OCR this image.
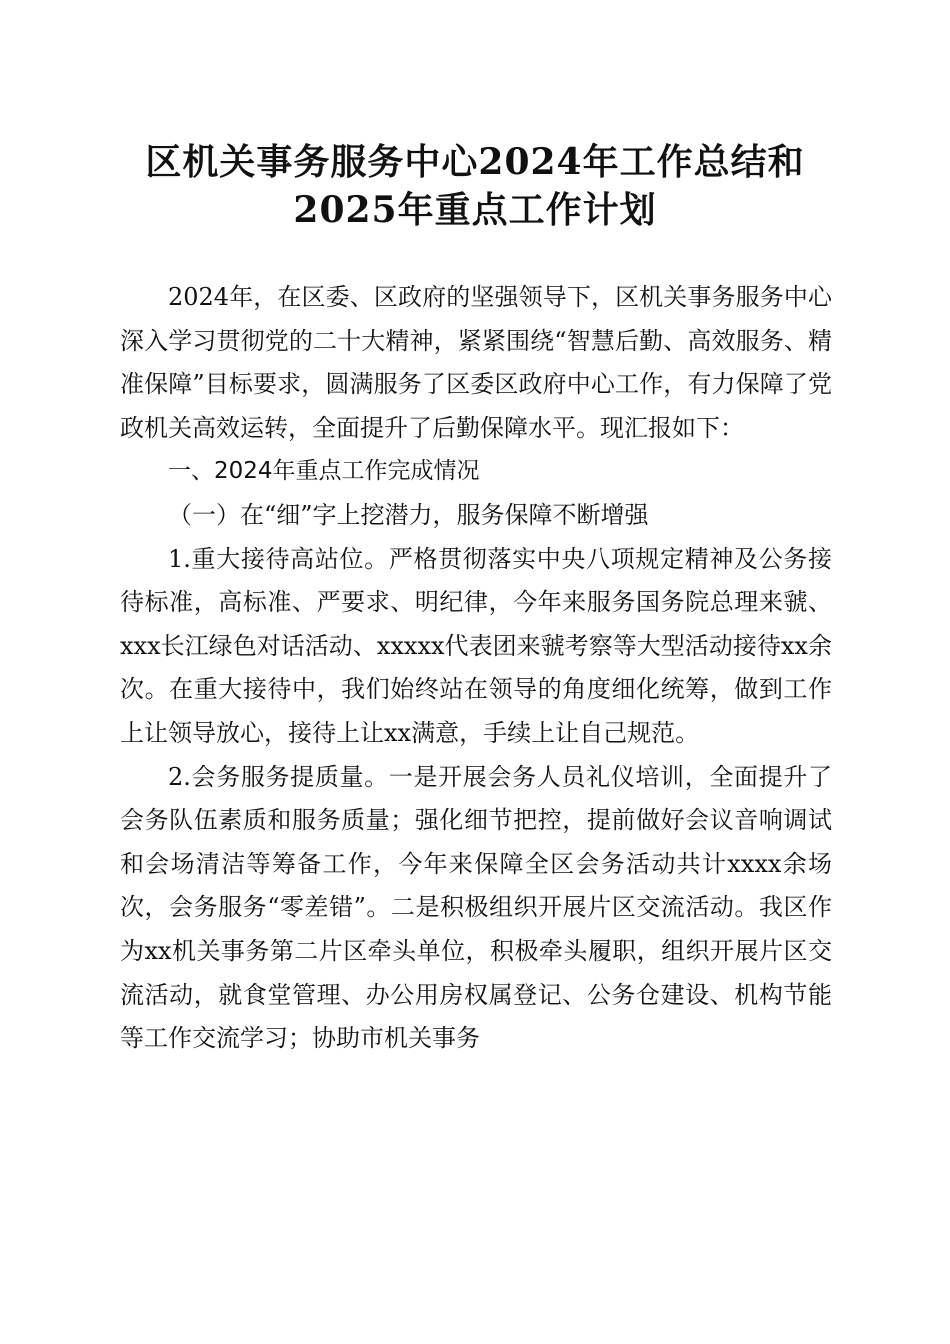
区机关事务服务中心2024年工作总结和2025年重点工作计划

2024年，在区委、区政府的坚强领导下，区机关事务服务中心深入学习贯彻党的二十大精神，紧紧围绕“智慧后勤、高效服务、精准保障”目标要求，圆满服务了区委区政府中心工作，有力保障了党政机关高效运转，全面提升了后勤保障水平。现汇报如下：

一、2024年重点工作完成情况

（一）在“细”字上挖潜力，服务保障不断增强

1.重大接待高站位。严格贯彻落实中央八项规定精神及公务接待标准，高标准、严要求、明纪律，今年来服务国务院总理来虢、xxx长江绿色对话活动、xxxxx代表团来虢考察等大型活动接待xx余次。在重大接待中，我们始终站在领导的角度细化统筹，做到工作上让领导放心，接待上让xx满意，手续上让自己规范。

2.会务服务提质量。一是开展会务人员礼仪培训，全面提升了会务队伍素质和服务质量；强化细节把控，提前做好会议音响调试和会场清洁等筹备工作，今年来保障全区会务活动共计xxxx余场次，会务服务“零差错”。二是积极组织开展片区交流活动。我区作为xx机关事务第二片区牵头单位，积极牵头履职，组织开展片区交流活动，就食堂管理、办公用房权属登记、公务仓建设、机构节能等工作交流学习；协助市机关事务
